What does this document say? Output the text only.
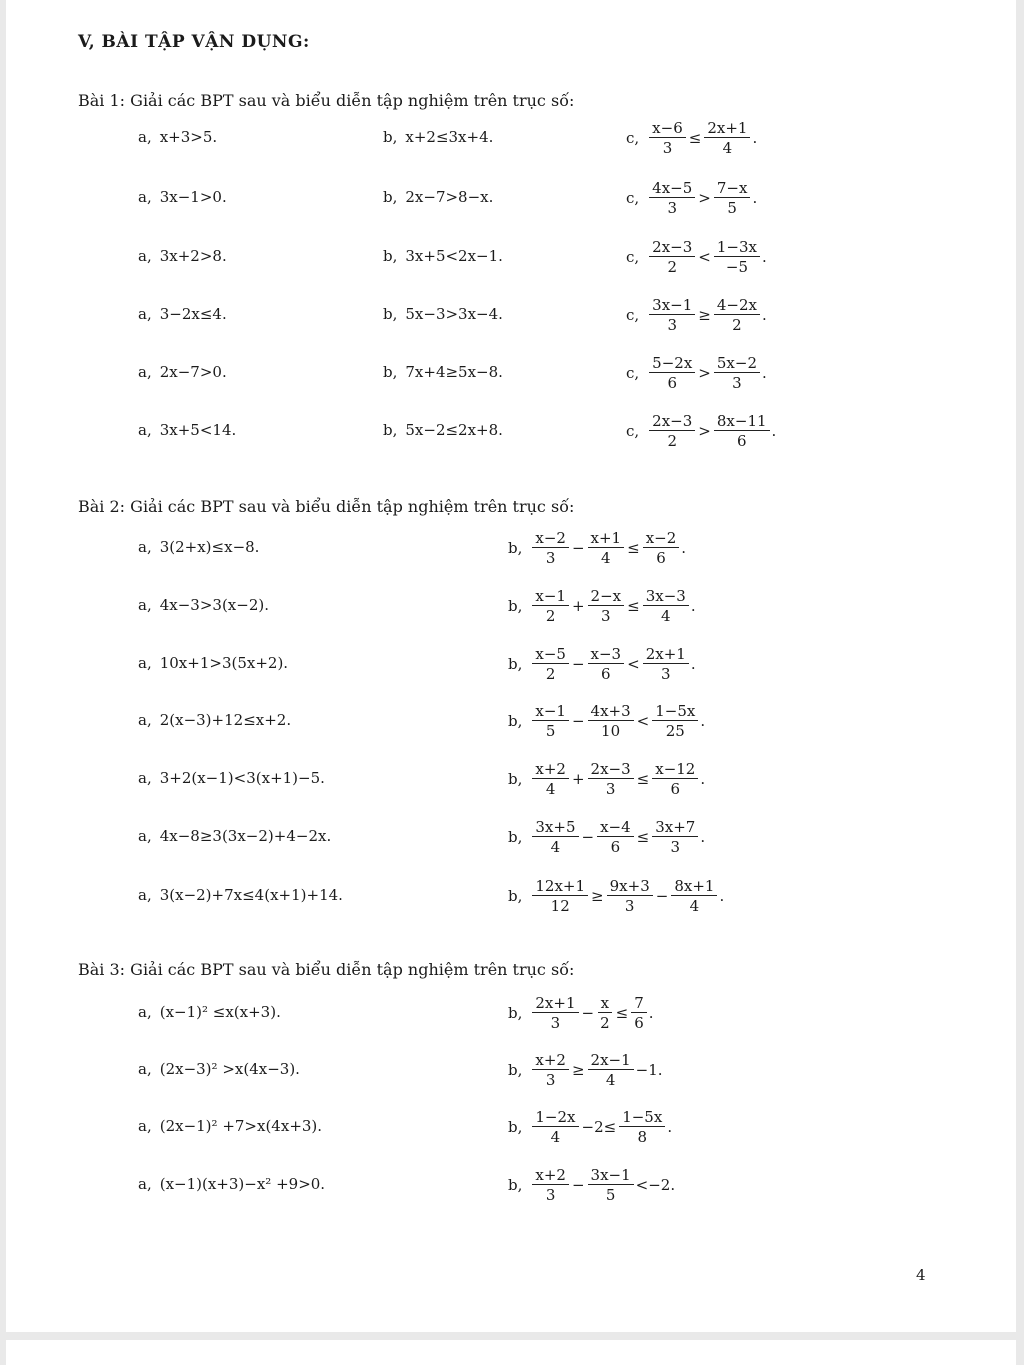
V, BÀI TẬP VẬN DỤNG:
Bài 1: Giải các BPT sau và biểu diễn tập nghiệm trên trục số:
a, x+3>5.	b, x+2≤3x+4.	c, $\frac{x-6}{3} \le \frac{2x+1}{4}$ .
a, 3x−1>0.	b, 2x−7>8−x.	c, $\frac{4x-5}{3} > \frac{7-x}{5}$ .
a, 3x+2>8.	b, 3x+5<2x−1.	c, $\frac{2x-3}{2} < \frac{1-3x}{-5}$ .
a, 3−2x≤4.	b, 5x−3>3x−4.	c, $\frac{3x-1}{3} \ge \frac{4-2x}{2}$ .
a, 2x−7>0.	b, 7x+4≥5x−8.	c, $\frac{5-2x}{6} > \frac{5x-2}{3}$ .
a, 3x+5<14.	b, 5x−2≤2x+8.	c, $\frac{2x-3}{2} > \frac{8x-11}{6}$ .
Bài 2: Giải các BPT sau và biểu diễn tập nghiệm trên trục số:
a, 3(2+x)≤x−8.	b, $\frac{x-2}{3} - \frac{x+1}{4} \le \frac{x-2}{6}$ .
a, 4x−3>3(x−2).	b, $\frac{x-1}{2} + \frac{2-x}{3} \le \frac{3x-3}{4}$ .
a, 10x+1>3(5x+2).	b, $\frac{x-5}{2} - \frac{x-3}{6} < \frac{2x+1}{3}$ .
a, 2(x−3)+12≤x+2.	b, $\frac{x-1}{5} - \frac{4x+3}{10} < \frac{1-5x}{25}$ .
a, 3+2(x−1)<3(x+1)−5.	b, $\frac{x+2}{4} + \frac{2x-3}{3} \le \frac{x-12}{6}$ .
a, 4x−8≥3(3x−2)+4−2x.	b, $\frac{3x+5}{4} - \frac{x-4}{6} \le \frac{3x+7}{3}$ .
a, 3(x−2)+7x≤4(x+1)+14.	b, $\frac{12x+1}{12} \ge \frac{9x+3}{3} - \frac{8x+1}{4}$ .
Bài 3: Giải các BPT sau và biểu diễn tập nghiệm trên trục số:
a, (x−1)² ≤x(x+3).	b, $\frac{2x+1}{3} - \frac{x}{2} \le \frac{7}{6}$ .
a, (2x−3)² >x(4x−3).	b, $\frac{x+2}{3} \ge \frac{2x-1}{4} -1$.
a, (2x−1)² +7>x(4x+3).	b, $\frac{1-2x}{4} -2\le \frac{1-5x}{8}$ .
a, (x−1)(x+3)−x² +9>0.	b, $\frac{x+2}{3} - \frac{3x-1}{5} <-2$.
4
